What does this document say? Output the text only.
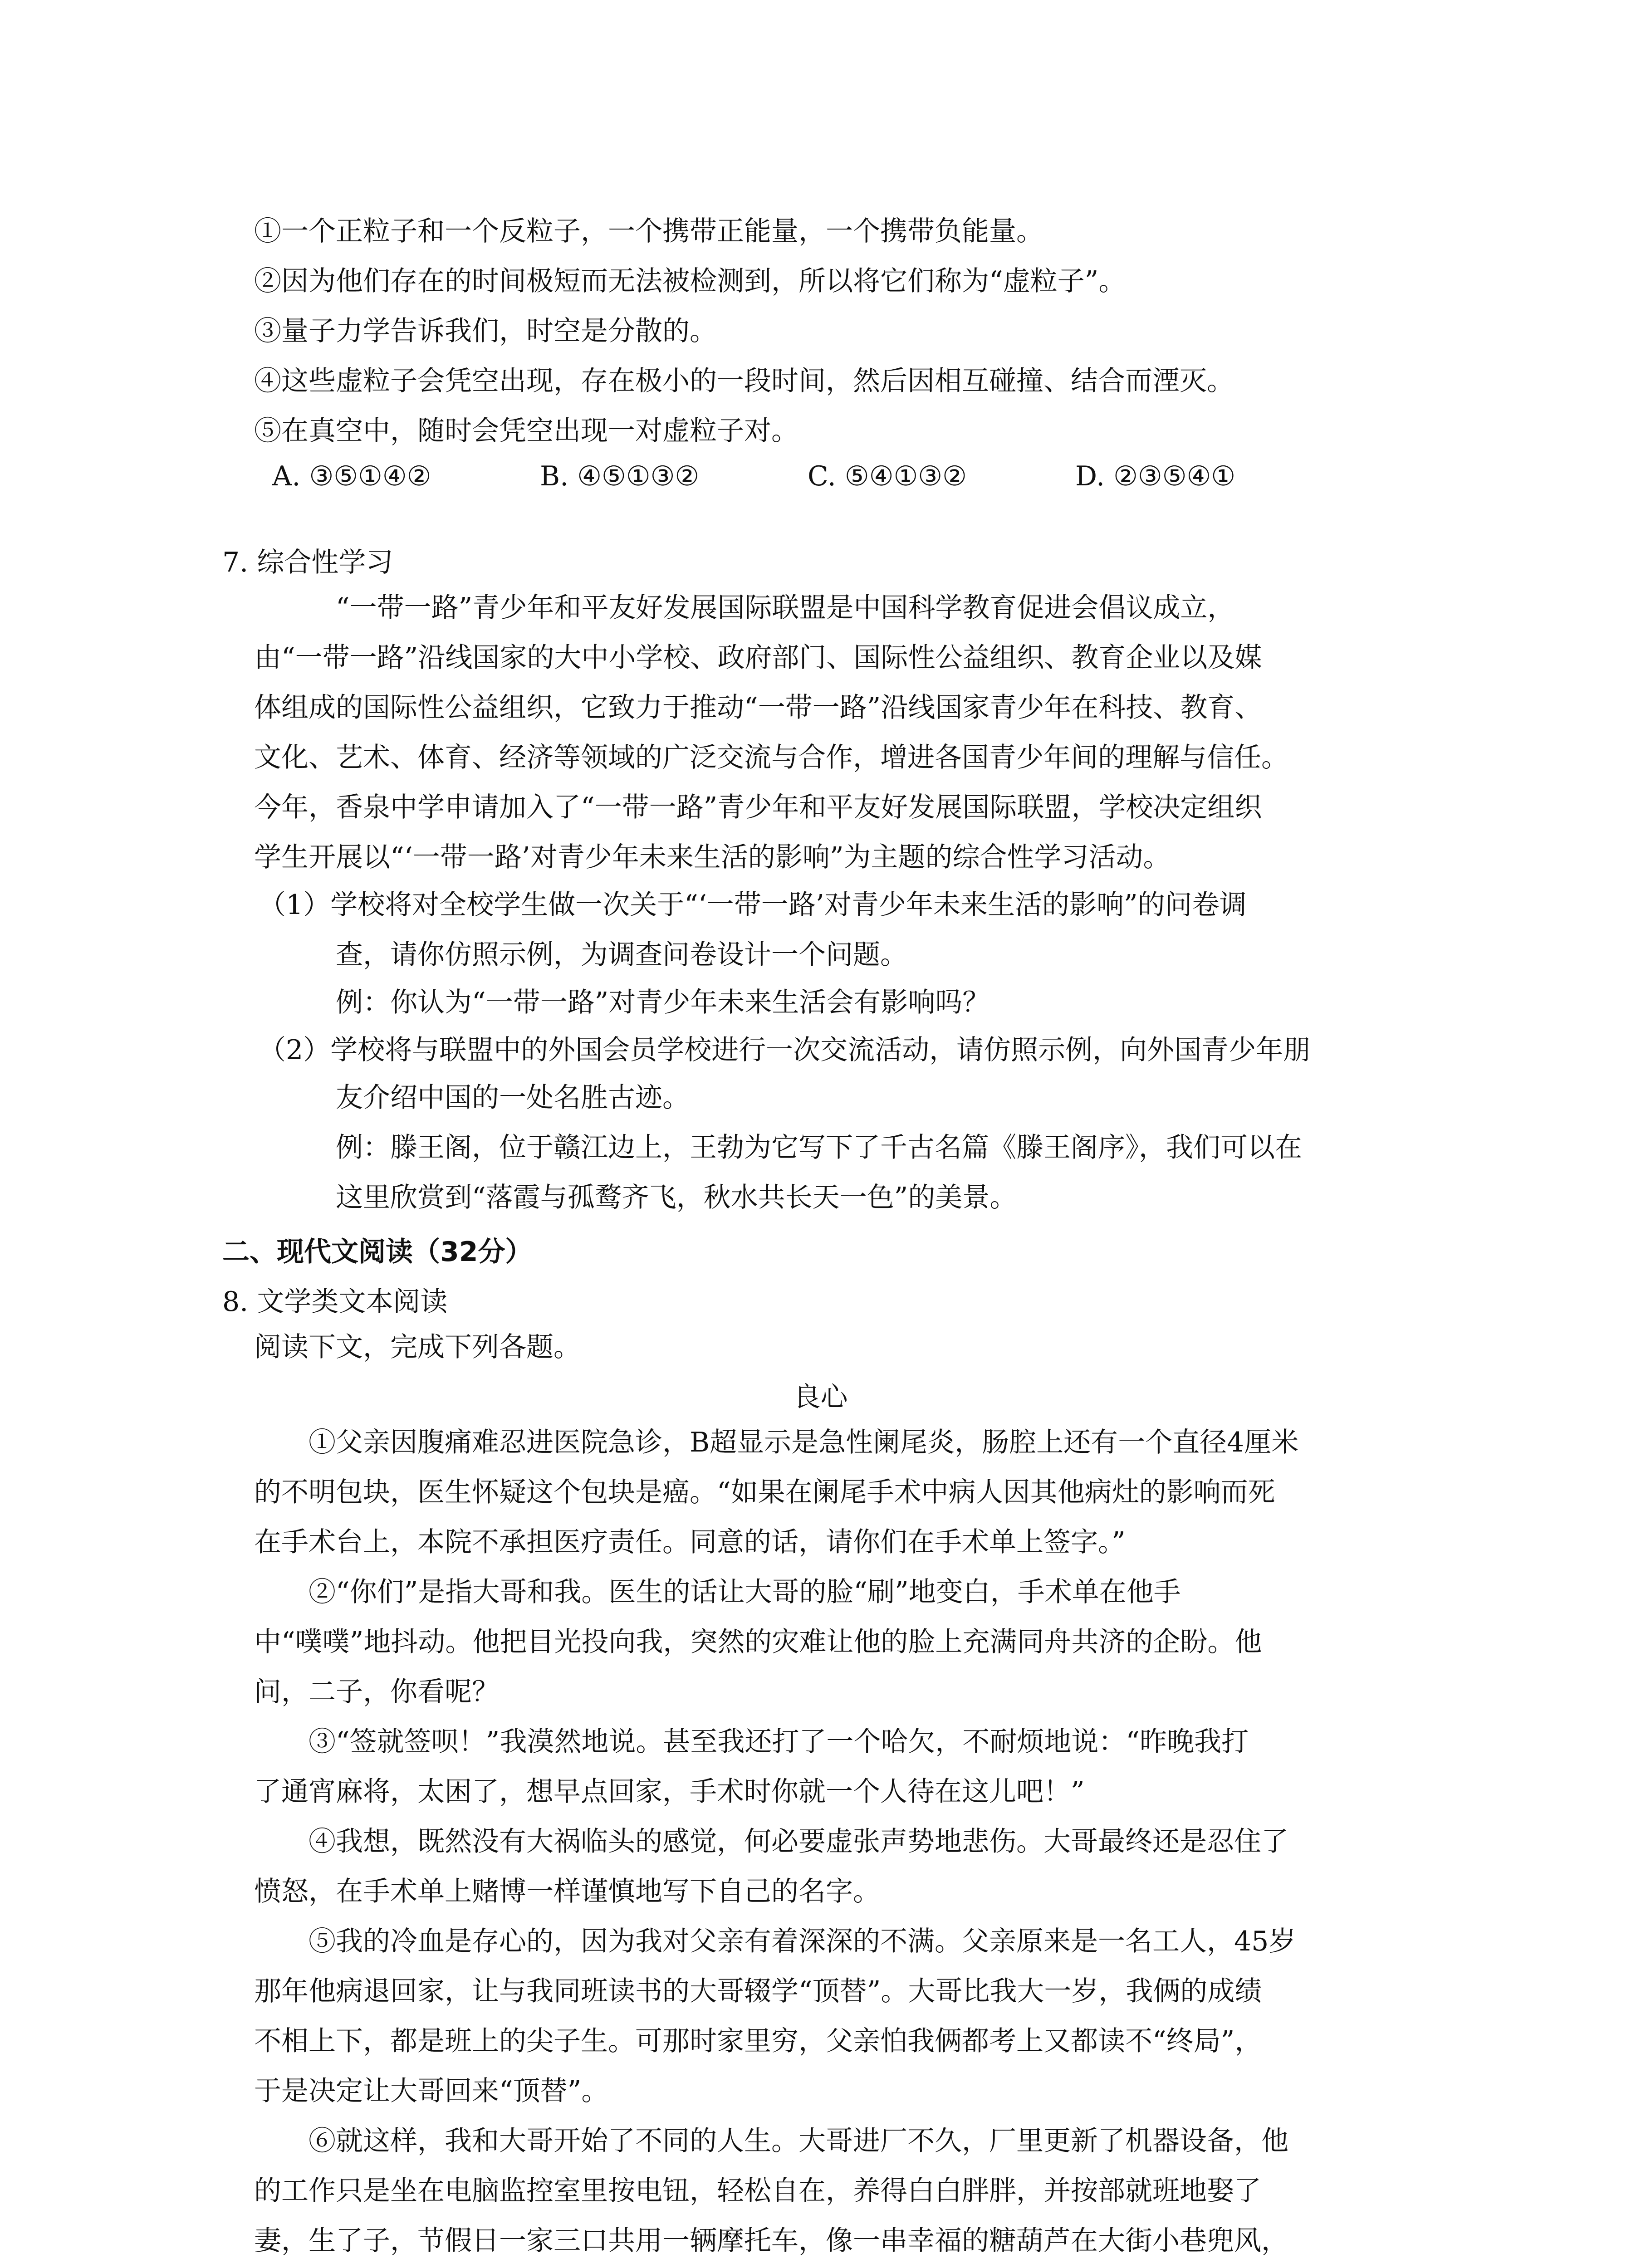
①一个正粒子和一个反粒子，一个携带正能量，一个携带负能量。
②因为他们存在的时间极短而无法被检测到，所以将它们称为“虚粒子”。
③量子力学告诉我们，时空是分散的。
④这些虚粒子会凭空出现，存在极小的一段时间，然后因相互碰撞、结合而湮灭。
⑤在真空中，随时会凭空出现一对虚粒子对。
A. ③⑤①④②	B. ④⑤①③②	C. ⑤④①③②	D. ②③⑤④①
7. 综合性学习
“一带一路”青少年和平友好发展国际联盟是中国科学教育促进会倡议成立，
由“一带一路”沿线国家的大中小学校、政府部门、国际性公益组织、教育企业以及媒
体组成的国际性公益组织，它致力于推动“一带一路”沿线国家青少年在科技、教育、
文化、艺术、体育、经济等领域的广泛交流与合作，增进各国青少年间的理解与信任。
今年，香泉中学申请加入了“一带一路”青少年和平友好发展国际联盟，学校决定组织
学生开展以“‘一带一路’对青少年未来生活的影响”为主题的综合性学习活动。
（1）学校将对全校学生做一次关于“‘一带一路’对青少年未来生活的影响”的问卷调
查，请你仿照示例，为调查问卷设计一个问题。
例：你认为“一带一路”对青少年未来生活会有影响吗？
（2）学校将与联盟中的外国会员学校进行一次交流活动，请仿照示例，向外国青少年朋
友介绍中国的一处名胜古迹。
例：滕王阁，位于赣江边上，王勃为它写下了千古名篇《滕王阁序》，我们可以在
这里欣赏到“落霞与孤鹜齐飞，秋水共长天一色”的美景。
二、现代文阅读（32分）
8. 文学类文本阅读
阅读下文，完成下列各题。
良心
①父亲因腹痛难忍进医院急诊，B超显示是急性阑尾炎，肠腔上还有一个直径4厘米
的不明包块，医生怀疑这个包块是癌。“如果在阑尾手术中病人因其他病灶的影响而死
在手术台上，本院不承担医疗责任。同意的话，请你们在手术单上签字。”
②“你们”是指大哥和我。医生的话让大哥的脸“刷”地变白，手术单在他手
中“噗噗”地抖动。他把目光投向我，突然的灾难让他的脸上充满同舟共济的企盼。他
问，二子，你看呢？
③“签就签呗！”我漠然地说。甚至我还打了一个哈欠，不耐烦地说：“昨晚我打
了通宵麻将，太困了，想早点回家，手术时你就一个人待在这儿吧！”
④我想，既然没有大祸临头的感觉，何必要虚张声势地悲伤。大哥最终还是忍住了
愤怒，在手术单上赌博一样谨慎地写下自己的名字。
⑤我的冷血是存心的，因为我对父亲有着深深的不满。父亲原来是一名工人，45岁
那年他病退回家，让与我同班读书的大哥辍学“顶替”。大哥比我大一岁，我俩的成绩
不相上下，都是班上的尖子生。可那时家里穷，父亲怕我俩都考上又都读不“终局”，
于是决定让大哥回来“顶替”。
⑥就这样，我和大哥开始了不同的人生。大哥进厂不久，厂里更新了机器设备，他
的工作只是坐在电脑监控室里按电钮，轻松自在，养得白白胖胖，并按部就班地娶了
妻，生了子，节假日一家三口共用一辆摩托车，像一串幸福的糖葫芦在大街小巷兜风，
